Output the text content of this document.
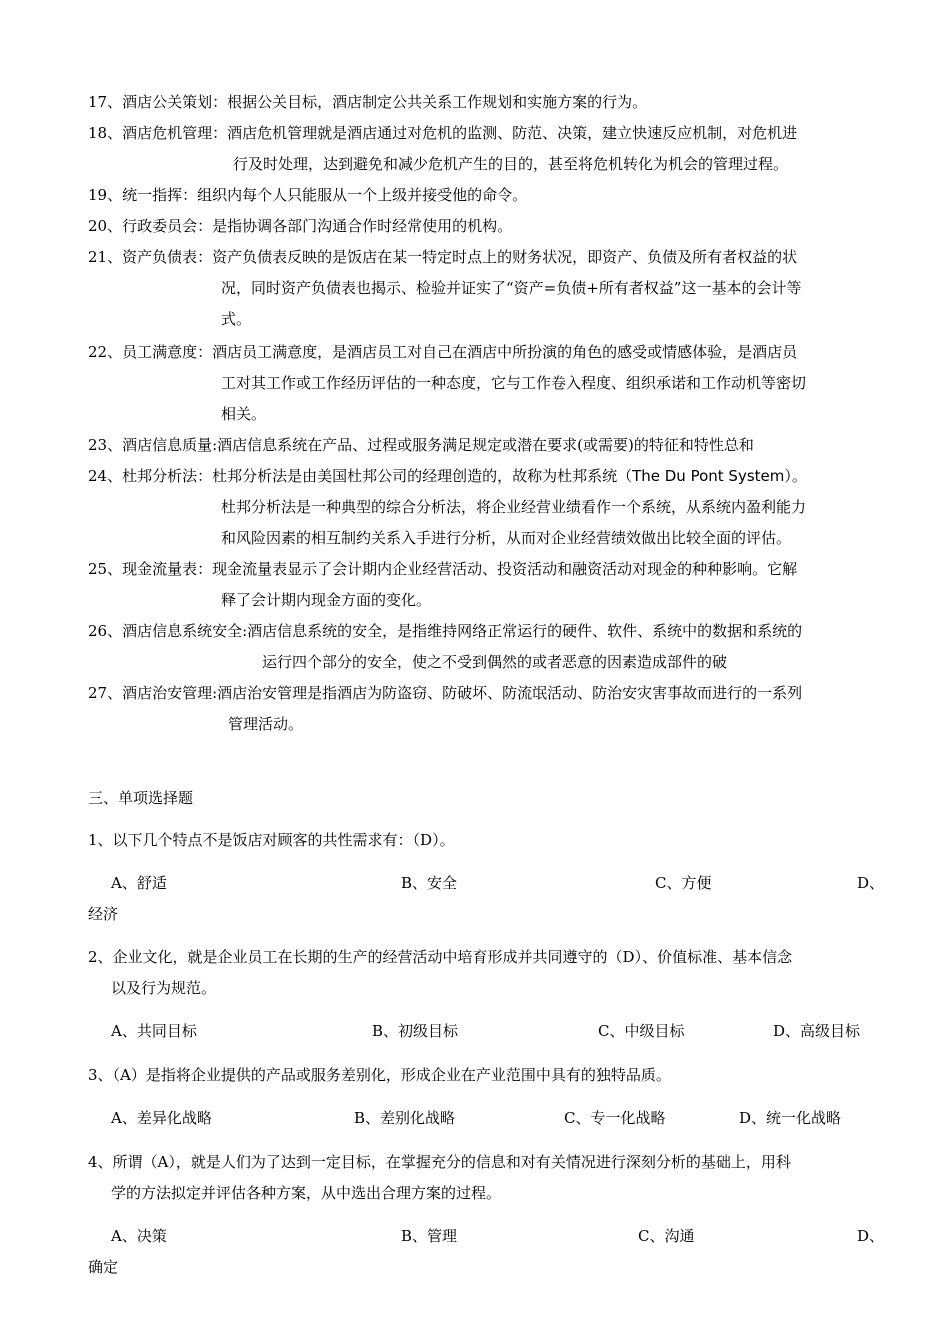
17、酒店公关策划：根据公关目标，酒店制定公共关系工作规划和实施方案的行为。
18、酒店危机管理：酒店危机管理就是酒店通过对危机的监测、防范、决策，建立快速反应机制，对危机进
行及时处理，达到避免和减少危机产生的目的，甚至将危机转化为机会的管理过程。
19、统一指挥：组织内每个人只能服从一个上级并接受他的命令。
20、行政委员会：是指协调各部门沟通合作时经常使用的机构。
21、资产负债表：资产负债表反映的是饭店在某一特定时点上的财务状况，即资产、负债及所有者权益的状
况，同时资产负债表也揭示、检验并证实了“资产=负债+所有者权益”这一基本的会计等
式。
22、员工满意度：酒店员工满意度，是酒店员工对自己在酒店中所扮演的角色的感受或情感体验，是酒店员
工对其工作或工作经历评估的一种态度，它与工作卷入程度、组织承诺和工作动机等密切
相关。
23、酒店信息质量:酒店信息系统在产品、过程或服务满足规定或潜在要求(或需要)的特征和特性总和
24、杜邦分析法：杜邦分析法是由美国杜邦公司的经理创造的，故称为杜邦系统（The Du Pont System）。
杜邦分析法是一种典型的综合分析法，将企业经营业绩看作一个系统，从系统内盈利能力
和风险因素的相互制约关系入手进行分析，从而对企业经营绩效做出比较全面的评估。
25、现金流量表：现金流量表显示了会计期内企业经营活动、投资活动和融资活动对现金的种种影响。它解
释了会计期内现金方面的变化。
26、酒店信息系统安全:酒店信息系统的安全，是指维持网络正常运行的硬件、软件、系统中的数据和系统的
运行四个部分的安全，使之不受到偶然的或者恶意的因素造成部件的破
27、酒店治安管理:酒店治安管理是指酒店为防盗窃、防破坏、防流氓活动、防治安灾害事故而进行的一系列
管理活动。
三、单项选择题
1、以下几个特点不是饭店对顾客的共性需求有：（D）。
A、舒适	B、安全	C、方便	D、
经济
2、企业文化，就是企业员工在长期的生产的经营活动中培育形成并共同遵守的（D）、价值标准、基本信念
以及行为规范。
A、共同目标	B、初级目标	C、中级目标	D、高级目标
3、（A）是指将企业提供的产品或服务差别化，形成企业在产业范围中具有的独特品质。
A、差异化战略	B、差别化战略	C、专一化战略	D、统一化战略
4、所谓（A），就是人们为了达到一定目标，在掌握充分的信息和对有关情况进行深刻分析的基础上，用科
学的方法拟定并评估各种方案，从中选出合理方案的过程。
A、决策	B、管理	C、沟通	D、
确定
